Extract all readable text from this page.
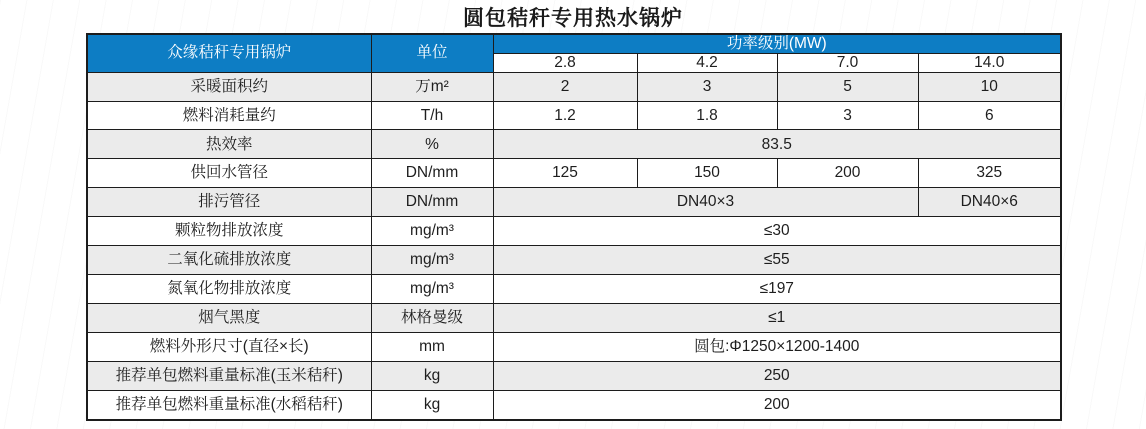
圆包秸秆专用热水锅炉
众缘秸秆专用锅炉	单位	功率级别(MW)			
		2.8	4.2	7.0	14.0
采暖面积约	万m²	2	3	5	10
燃料消耗量约	T/h	1.2	1.8	3	6
热效率	%	83.5			
供回水管径	DN/mm	125	150	200	325
排污管径	DN/mm	DN40×3			DN40×6
颗粒物排放浓度	mg/m³	≤30			
二氧化硫排放浓度	mg/m³	≤55			
氮氧化物排放浓度	mg/m³	≤197			
烟气黑度	林格曼级	≤1			
燃料外形尺寸(直径×长)	mm	圆包:Φ1250×1200-1400			
推荐单包燃料重量标准(玉米秸秆)	kg	250			
推荐单包燃料重量标准(水稻秸秆)	kg	200			
